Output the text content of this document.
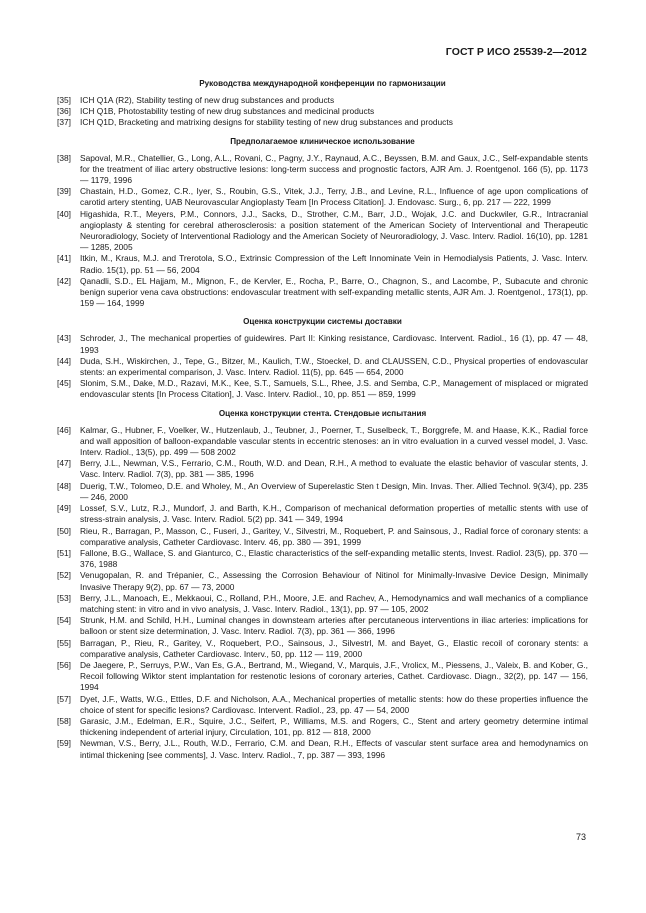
ГОСТ Р ИСО 25539-2—2012
Руководства международной конференции по гармонизации

[35] ICH Q1A (R2), Stability testing of new drug substances and products

[36] ICH Q1B, Photostability testing of new drug substances and medicinal products

[37] ICH Q1D, Bracketing and matrixing designs for stability testing of new drug substances and products

Предполагаемое клиническое использование

[38] Sapoval, M.R., Chatellier, G., Long, A.L., Rovani, C., Pagny, J.Y., Raynaud, A.C., Beyssen, B.M. and Gaux, J.C., Self-expandable stents for the treatment of iliac artery obstructive lesions: long-term success and prognostic factors, AJR Am. J. Roentgenol. 166 (5), pp. 1173 — 1179, 1996

[39] Chastain, H.D., Gomez, C.R., Iyer, S., Roubin, G.S., Vitek, J.J., Terry, J.B., and Levine, R.L., Influence of age upon complications of carotid artery stenting, UAB Neurovascular Angioplasty Team [In Process Citation]. J. Endovasc. Surg., 6, pp. 217 — 222, 1999

[40] Higashida, R.T., Meyers, P.M., Connors, J.J., Sacks, D., Strother, C.M., Barr, J.D., Wojak, J.C. and Duckwiler, G.R., Intracranial angioplasty & stenting for cerebral atherosclerosis: a position statement of the American Society of Interventional and Therapeutic Neuroradiology, Society of Interventional Radiology and the American Society of Neuroradiology, J. Vasc. Interv. Radiol. 16(10), pp. 1281 — 1285, 2005

[41] Itkin, M., Kraus, M.J. and Trerotola, S.O., Extrinsic Compression of the Left Innominate Vein in Hemodialysis Patients, J. Vasc. Interv. Radio. 15(1), pp. 51 — 56, 2004

[42] Qanadli, S.D., EL Hajjam, M., Mignon, F., de Kervler, E., Rocha, P., Barre, O., Chagnon, S., and Lacombe, P., Subacute and chronic benign superior vena cava obstructions: endovascular treatment with self-expanding metallic stents, AJR Am. J. Roentgenol., 173(1), pp. 159 — 164, 1999

Оценка конструкции системы доставки

[43] Schroder, J., The mechanical properties of guidewires. Part II: Kinking resistance, Cardiovasc. Intervent. Radiol., 16 (1), pp. 47 — 48, 1993

[44] Duda, S.H., Wiskirchen, J., Tepe, G., Bitzer, M., Kaulich, T.W., Stoeckel, D. and CLAUSSEN, C.D., Physical properties of endovascular stents: an experimental comparison, J. Vasc. Interv. Radiol. 11(5), pp. 645 — 654, 2000

[45] Slonim, S.M., Dake, M.D., Razavi, M.K., Kee, S.T., Samuels, S.L., Rhee, J.S. and Semba, C.P., Management of misplaced or migrated endovascular stents [In Process Citation], J. Vasc. Interv. Radiol., 10, pp. 851 — 859, 1999

Оценка конструкции стента. Стендовые испытания

[46] Kalmar, G., Hubner, F., Voelker, W., Hutzenlaub, J., Teubner, J., Poerner, T., Suselbeck, T., Borggrefe, M. and Haase, K.K., Radial force and wall apposition of balloon-expandable vascular stents in eccentric stenoses: an in vitro evaluation in a curved vessel model, J. Vasc. Interv. Radiol., 13(5), pp. 499 — 508 2002

[47] Berry, J.L., Newman, V.S., Ferrario, C.M., Routh, W.D. and Dean, R.H., A method to evaluate the elastic behavior of vascular stents, J. Vasc. Interv. Radiol. 7(3), pp. 381 — 385, 1996

[48] Duerig, T.W., Tolomeo, D.E. and Wholey, M., An Overview of Superelastic Sten t Design, Min. Invas. Ther. Allied Technol. 9(3/4), pp. 235 — 246, 2000

[49] Lossef, S.V., Lutz, R.J., Mundorf, J. and Barth, K.H., Comparison of mechanical deformation properties of metallic stents with use of stress-strain analysis, J. Vasc. Interv. Radiol. 5(2) pp. 341 — 349, 1994

[50] Rieu, R., Barragan, P., Masson, C., Fuseri, J., Garitey, V., Silvestri, M., Roquebert, P. and Sainsous, J., Radial force of coronary stents: a comparative analysis, Catheter Cardiovasc. Interv. 46, pp. 380 — 391, 1999

[51] Fallone, B.G., Wallace, S. and Gianturco, C., Elastic characteristics of the self-expanding metallic stents, Invest. Radiol. 23(5), pp. 370 — 376, 1988

[52] Venugopalan, R. and Trépanier, C., Assessing the Corrosion Behaviour of Nitinol for Minimally-Invasive Device Design, Minimally Invasive Therapy 9(2), pp. 67 — 73, 2000

[53] Berry, J.L., Manoach, E., Mekkaoui, C., Rolland, P.H., Moore, J.E. and Rachev, A., Hemodynamics and wall mechanics of a compliance matching stent: in vitro and in vivo analysis, J. Vasc. Interv. Radiol., 13(1), pp. 97 — 105, 2002

[54] Strunk, H.M. and Schild, H.H., Luminal changes in downsteam arteries after percutaneous interventions in iliac arteries: implications for balloon or stent size determination, J. Vasc. Interv. Radiol. 7(3), pp. 361 — 366, 1996

[55] Barragan, P., Rieu, R., Garitey, V., Roquebert, P.O., Sainsous, J., Silvestrl, M. and Bayet, G., Elastic recoil of coronary stents: a comparative analysis, Catheter Cardiovasc. Interv., 50, pp. 112 — 119, 2000

[56] De Jaegere, P., Serruys, P.W., Van Es, G.A., Bertrand, M., Wiegand, V., Marquis, J.F., Vrolicx, M., Piessens, J., Valeix, B. and Kober, G., Recoil following Wiktor stent implantation for restenotic lesions of coronary arteries, Cathet. Cardiovasc. Diagn., 32(2), pp. 147 — 156, 1994

[57] Dyet, J.F., Watts, W.G., Ettles, D.F. and Nicholson, A.A., Mechanical properties of metallic stents: how do these properties influence the choice of stent for specific lesions? Cardiovasc. Intervent. Radiol., 23, pp. 47 — 54, 2000

[58] Garasic, J.M., Edelman, E.R., Squire, J.C., Seifert, P., Williams, M.S. and Rogers, C., Stent and artery geometry determine intimal thickening independent of arterial injury, Circulation, 101, pp. 812 — 818, 2000

[59] Newman, V.S., Berry, J.L., Routh, W.D., Ferrario, C.M. and Dean, R.H., Effects of vascular stent surface area and hemodynamics on intimal thickening [see comments], J. Vasc. Interv. Radiol., 7, pp. 387 — 393, 1996

73
